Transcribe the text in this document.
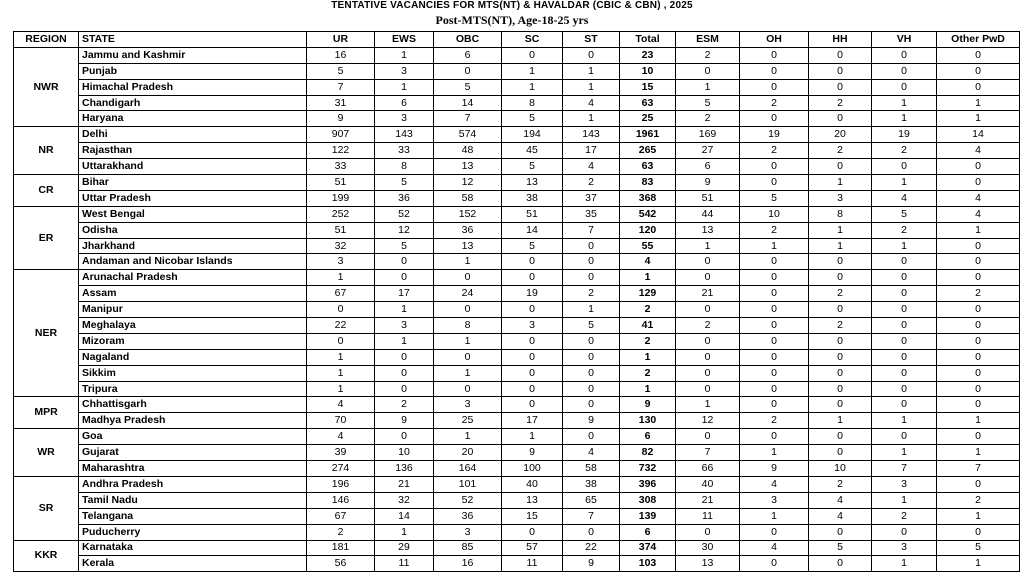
TENTATIVE VACANCIES FOR MTS(NT) & HAVALDAR (CBIC & CBN) , 2025
Post-MTS(NT), Age-18-25 yrs
REGION	STATE	UR	EWS	OBC	SC	ST	Total	ESM	OH	HH	VH	Other PwD
NWR	Jammu and Kashmir	16	1	6	0	0	23	2	0	0	0	0
	Punjab	5	3	0	1	1	10	0	0	0	0	0
	Himachal Pradesh	7	1	5	1	1	15	1	0	0	0	0
	Chandigarh	31	6	14	8	4	63	5	2	2	1	1
	Haryana	9	3	7	5	1	25	2	0	0	1	1
NR	Delhi	907	143	574	194	143	1961	169	19	20	19	14
	Rajasthan	122	33	48	45	17	265	27	2	2	2	4
	Uttarakhand	33	8	13	5	4	63	6	0	0	0	0
CR	Bihar	51	5	12	13	2	83	9	0	1	1	0
	Uttar Pradesh	199	36	58	38	37	368	51	5	3	4	4
ER	West Bengal	252	52	152	51	35	542	44	10	8	5	4
	Odisha	51	12	36	14	7	120	13	2	1	2	1
	Jharkhand	32	5	13	5	0	55	1	1	1	1	0
	Andaman and Nicobar Islands	3	0	1	0	0	4	0	0	0	0	0
NER	Arunachal Pradesh	1	0	0	0	0	1	0	0	0	0	0
	Assam	67	17	24	19	2	129	21	0	2	0	2
	Manipur	0	1	0	0	1	2	0	0	0	0	0
	Meghalaya	22	3	8	3	5	41	2	0	2	0	0
	Mizoram	0	1	1	0	0	2	0	0	0	0	0
	Nagaland	1	0	0	0	0	1	0	0	0	0	0
	Sikkim	1	0	1	0	0	2	0	0	0	0	0
	Tripura	1	0	0	0	0	1	0	0	0	0	0
MPR	Chhattisgarh	4	2	3	0	0	9	1	0	0	0	0
	Madhya Pradesh	70	9	25	17	9	130	12	2	1	1	1
WR	Goa	4	0	1	1	0	6	0	0	0	0	0
	Gujarat	39	10	20	9	4	82	7	1	0	1	1
	Maharashtra	274	136	164	100	58	732	66	9	10	7	7
SR	Andhra Pradesh	196	21	101	40	38	396	40	4	2	3	0
	Tamil Nadu	146	32	52	13	65	308	21	3	4	1	2
	Telangana	67	14	36	15	7	139	11	1	4	2	1
	Puducherry	2	1	3	0	0	6	0	0	0	0	0
KKR	Karnataka	181	29	85	57	22	374	30	4	5	3	5
	Kerala	56	11	16	11	9	103	13	0	0	1	1
